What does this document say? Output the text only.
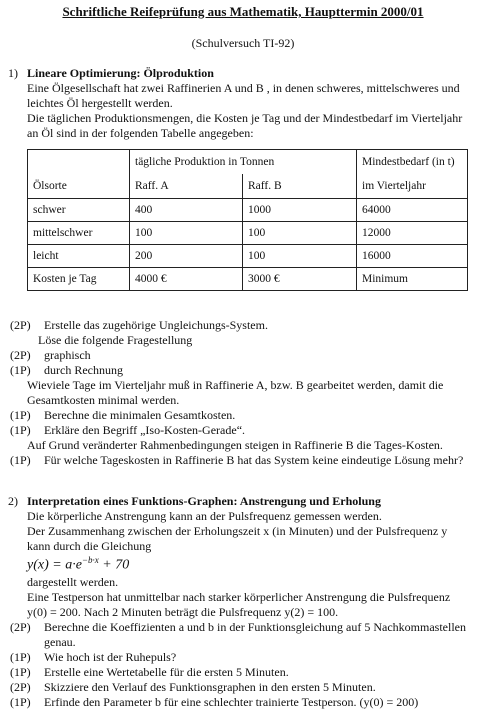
Schriftliche Reifeprüfung aus Mathematik, Haupttermin 2000/01
(Schulversuch TI-92)
1) Lineare Optimierung: Ölproduktion
Eine Ölgesellschaft hat zwei Raffinerien A und B , in denen schweres, mittelschweres und
leichtes Öl hergestellt werden.
Die täglichen Produktionsmengen, die Kosten je Tag und der Mindestbedarf im Vierteljahr
an Öl sind in der folgenden Tabelle angegeben:
	tägliche Produktion in Tonnen		Mindestbedarf (in t)
Ölsorte	Raff. A	Raff. B	im Vierteljahr
schwer	400	1000	64000
mittelschwer	100	100	12000
leicht	200	100	16000
Kosten je Tag	4000 €	3000 €	Minimum
(2P) Erstelle das zugehörige Ungleichungs-System.
Löse die folgende Fragestellung
(2P) graphisch
(1P) durch Rechnung
Wieviele Tage im Vierteljahr muß in Raffinerie A, bzw. B gearbeitet werden, damit die
Gesamtkosten minimal werden.
(1P) Berechne die minimalen Gesamtkosten.
(1P) Erkläre den Begriff „Iso-Kosten-Gerade“.
Auf Grund veränderter Rahmenbedingungen steigen in Raffinerie B die Tages-Kosten.
(1P) Für welche Tageskosten in Raffinerie B hat das System keine eindeutige Lösung mehr?
2) Interpretation eines Funktions-Graphen: Anstrengung und Erholung
Die körperliche Anstrengung kann an der Pulsfrequenz gemessen werden.
Der Zusammenhang zwischen der Erholungszeit x (in Minuten) und der Pulsfrequenz y
kann durch die Gleichung
$y(x) = a\cdot e^{-b\cdot x} + 70$
dargestellt werden.
Eine Testperson hat unmittelbar nach starker körperlicher Anstrengung die Pulsfrequenz
y(0) = 200. Nach 2 Minuten beträgt die Pulsfrequenz y(2) = 100.
(2P) Berechne die Koeffizienten a und b in der Funktionsgleichung auf 5 Nachkommastellen
genau.
(1P) Wie hoch ist der Ruhepuls?
(1P) Erstelle eine Wertetabelle für die ersten 5 Minuten.
(2P) Skizziere den Verlauf des Funktionsgraphen in den ersten 5 Minuten.
(1P) Erfinde den Parameter b für eine schlechter trainierte Testperson. (y(0) = 200)
